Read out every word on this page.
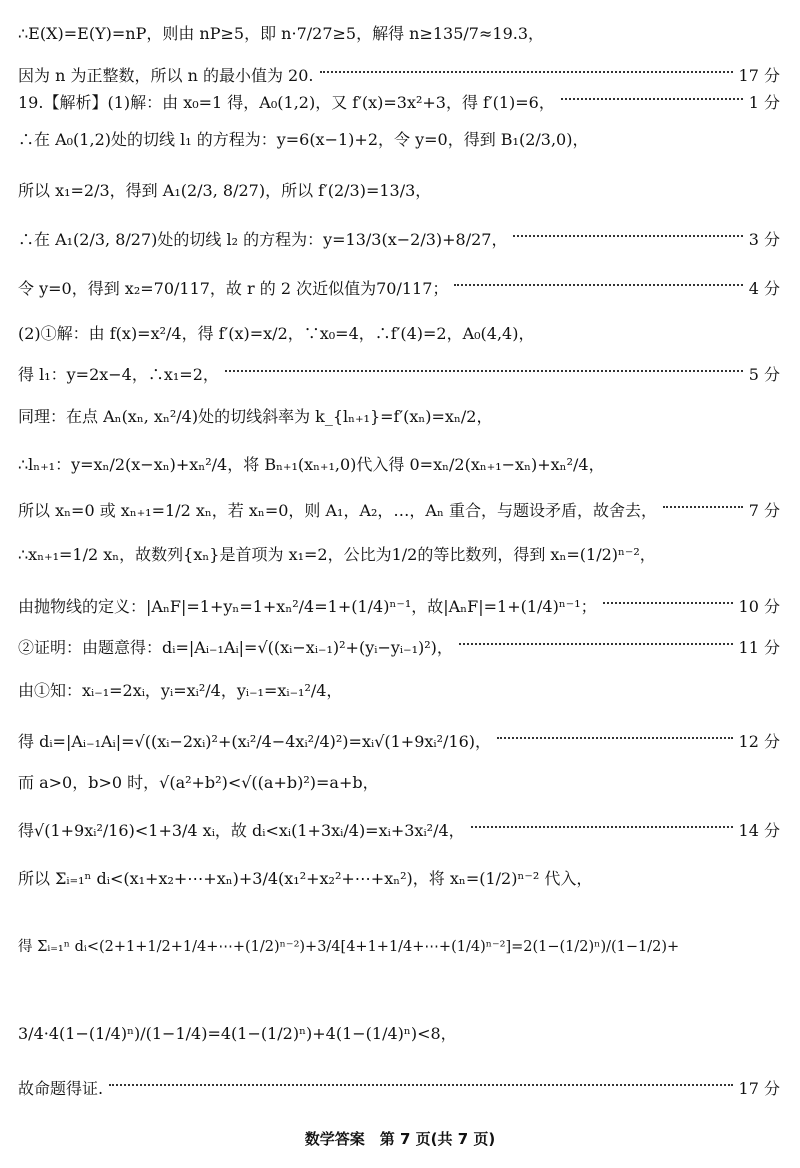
∴E(X)=E(Y)=nP，则由 nP≥5，即 n·7/27≥5，解得 n≥135/7≈19.3，
因为 n 为正整数，所以 n 的最小值为 20.	17 分
19.【解析】(1)解：由 x₀=1 得，A₀(1,2)，又 f′(x)=3x²+3，得 f′(1)=6，	1 分
∴在 A₀(1,2)处的切线 l₁ 的方程为：y=6(x−1)+2，令 y=0，得到 B₁(2/3,0)，
所以 x₁=2/3，得到 A₁(2/3, 8/27)，所以 f′(2/3)=13/3，
∴在 A₁(2/3, 8/27)处的切线 l₂ 的方程为：y=13/3(x−2/3)+8/27，	3 分
令 y=0，得到 x₂=70/117，故 r 的 2 次近似值为70/117；	4 分
(2)①解：由 f(x)=x²/4，得 f′(x)=x/2，∵x₀=4，∴f′(4)=2，A₀(4,4)，
得 l₁：y=2x−4，∴x₁=2，	5 分
同理：在点 Aₙ(xₙ, xₙ²/4)处的切线斜率为 k_{lₙ₊₁}=f′(xₙ)=xₙ/2，
∴lₙ₊₁：y=xₙ/2(x−xₙ)+xₙ²/4，将 Bₙ₊₁(xₙ₊₁,0)代入得 0=xₙ/2(xₙ₊₁−xₙ)+xₙ²/4，
所以 xₙ=0 或 xₙ₊₁=1/2 xₙ，若 xₙ=0，则 A₁，A₂，…，Aₙ 重合，与题设矛盾，故舍去，	7 分
∴xₙ₊₁=1/2 xₙ，故数列{xₙ}是首项为 x₁=2，公比为1/2的等比数列，得到 xₙ=(1/2)ⁿ⁻²，
由抛物线的定义：|AₙF|=1+yₙ=1+xₙ²/4=1+(1/4)ⁿ⁻¹，故|AₙF|=1+(1/4)ⁿ⁻¹；	10 分
②证明：由题意得：dᵢ=|Aᵢ₋₁Aᵢ|=√((xᵢ−xᵢ₋₁)²+(yᵢ−yᵢ₋₁)²)，	11 分
由①知：xᵢ₋₁=2xᵢ，yᵢ=xᵢ²/4，yᵢ₋₁=xᵢ₋₁²/4，
得 dᵢ=|Aᵢ₋₁Aᵢ|=√((xᵢ−2xᵢ)²+(xᵢ²/4−4xᵢ²/4)²)=xᵢ√(1+9xᵢ²/16)，	12 分
而 a>0，b>0 时，√(a²+b²)<√((a+b)²)=a+b，
得√(1+9xᵢ²/16)<1+3/4 xᵢ，故 dᵢ<xᵢ(1+3xᵢ/4)=xᵢ+3xᵢ²/4，	14 分
所以 Σᵢ₌₁ⁿ dᵢ<(x₁+x₂+⋯+xₙ)+3/4(x₁²+x₂²+⋯+xₙ²)，将 xₙ=(1/2)ⁿ⁻² 代入，
得 Σᵢ₌₁ⁿ dᵢ<(2+1+1/2+1/4+⋯+(1/2)ⁿ⁻²)+3/4[4+1+1/4+⋯+(1/4)ⁿ⁻²]=2(1−(1/2)ⁿ)/(1−1/2)+
3/4·4(1−(1/4)ⁿ)/(1−1/4)=4(1−(1/2)ⁿ)+4(1−(1/4)ⁿ)<8，
故命题得证.	17 分
数学答案　第 7 页(共 7 页)
